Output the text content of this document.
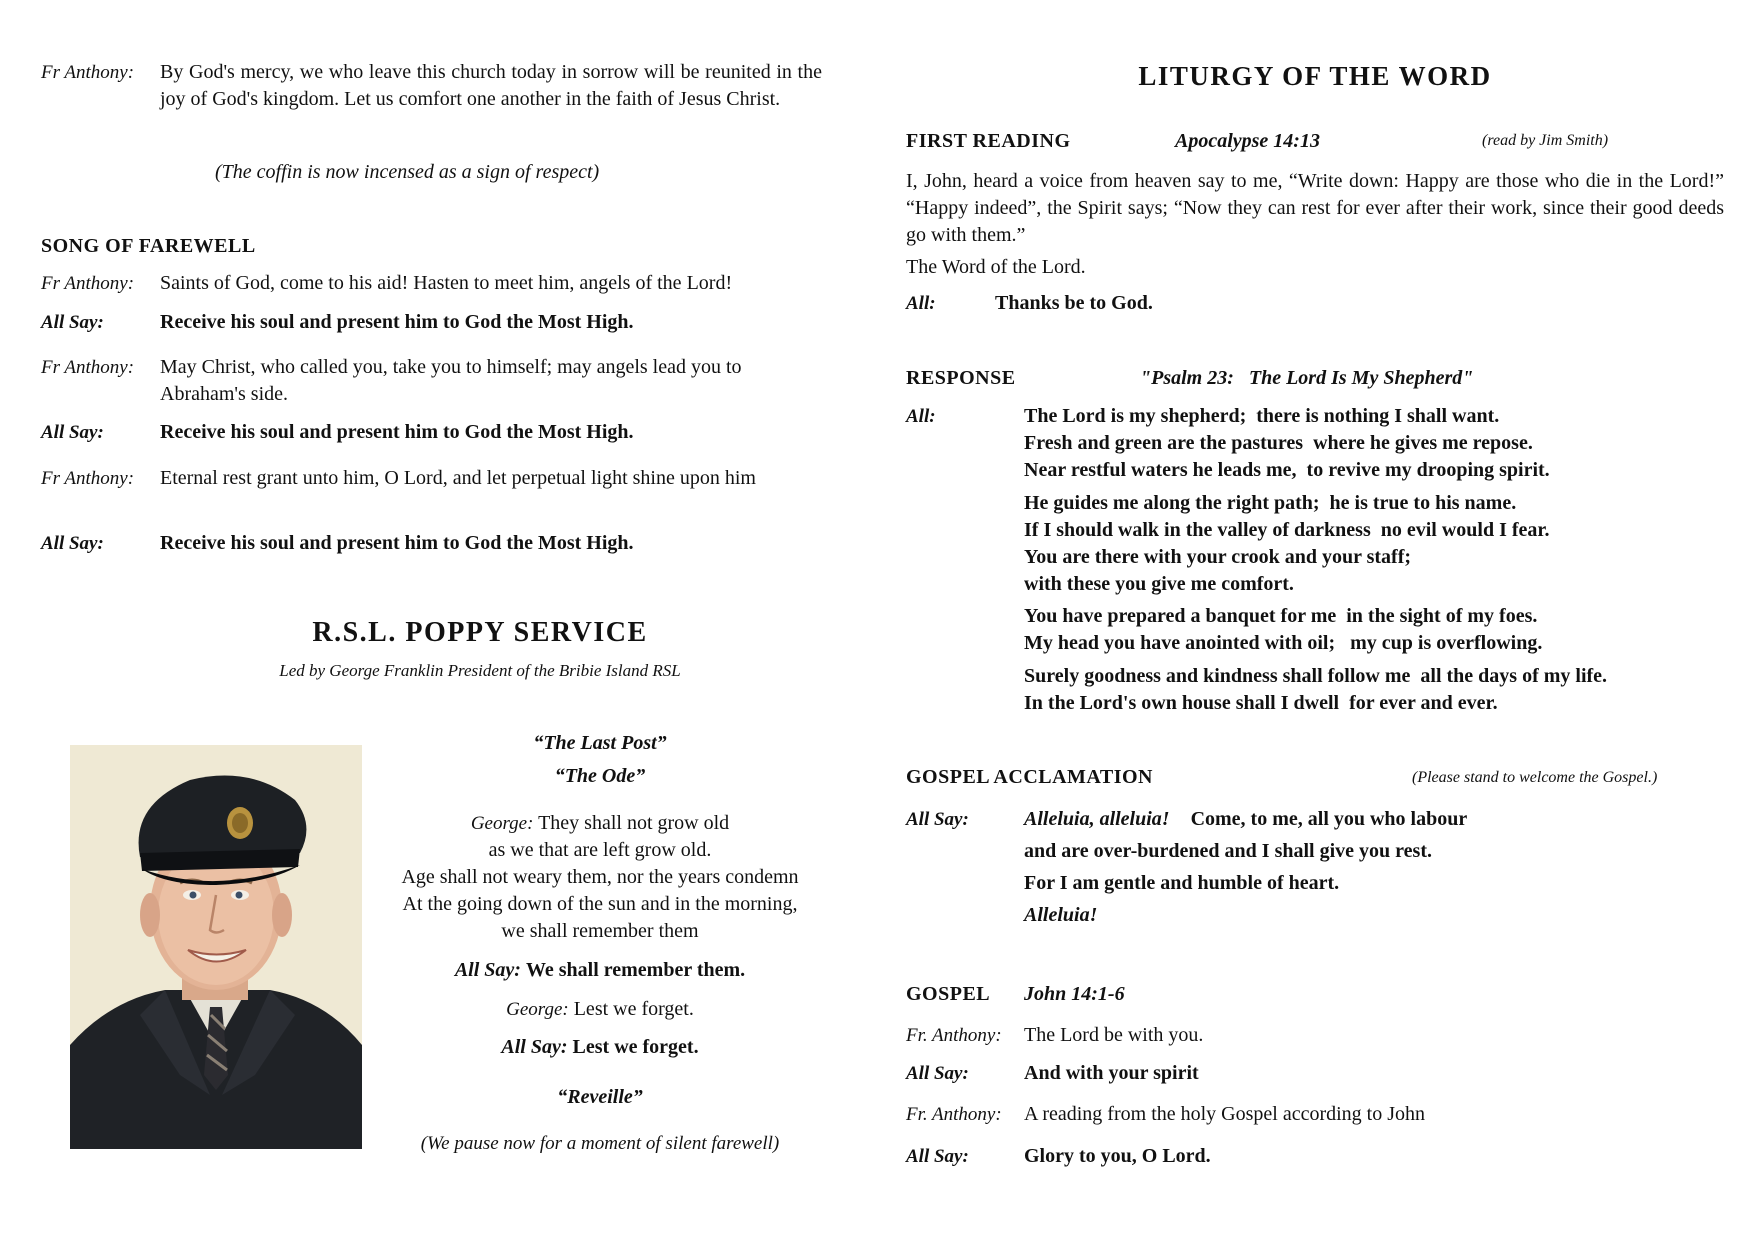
Fr Anthony: By God's mercy, we who leave this church today in sorrow will be reunited in the joy of God's kingdom. Let us comfort one another in the faith of Jesus Christ.
(The coffin is now incensed as a sign of respect)
SONG OF FAREWELL
Fr Anthony: Saints of God, come to his aid! Hasten to meet him, angels of the Lord!
All Say:	Receive his soul and present him to God the Most High.
Fr Anthony: May Christ, who called you, take you to himself; may angels lead you to Abraham's side.
All Say:	Receive his soul and present him to God the Most High.
Fr Anthony: Eternal rest grant unto him, O Lord, and let perpetual light shine upon him
All Say:	Receive his soul and present him to God the Most High.
R.S.L. POPPY SERVICE
Led by George Franklin President of the Bribie Island RSL
“The Last Post”
“The Ode”
George: They shall not grow old
as we that are left grow old.
Age shall not weary them, nor the years condemn
At the going down of the sun and in the morning,
we shall remember them
All Say: We shall remember them.
George: Lest we forget.
All Say: Lest we forget.
“Reveille”
(We pause now for a moment of silent farewell)
LITURGY OF THE WORD
FIRST READING	Apocalypse 14:13	(read by Jim Smith)
I, John, heard a voice from heaven say to me, “Write down: Happy are those who die in the Lord!” “Happy indeed”, the Spirit says; “Now they can rest for ever after their work, since their good deeds go with them.”
The Word of the Lord.
All:	Thanks be to God.
RESPONSE	"Psalm 23:   The Lord Is My Shepherd"
All:	The Lord is my shepherd;  there is nothing I shall want.
Fresh and green are the pastures  where he gives me repose.
Near restful waters he leads me,  to revive my drooping spirit.
He guides me along the right path;  he is true to his name.
If I should walk in the valley of darkness  no evil would I fear.
You are there with your crook and your staff;
with these you give me comfort.
You have prepared a banquet for me  in the sight of my foes.
My head you have anointed with oil;   my cup is overflowing.
Surely goodness and kindness shall follow me  all the days of my life.
In the Lord's own house shall I dwell  for ever and ever.
GOSPEL ACCLAMATION	(Please stand to welcome the Gospel.)
All Say:	Alleluia, alleluia! Come, to me, all you who labour
and are over-burdened and I shall give you rest.
For I am gentle and humble of heart.
Alleluia!
GOSPEL John 14:1-6
Fr. Anthony: The Lord be with you.
All Say:	And with your spirit
Fr. Anthony: A reading from the holy Gospel according to John
All Say:	Glory to you, O Lord.
